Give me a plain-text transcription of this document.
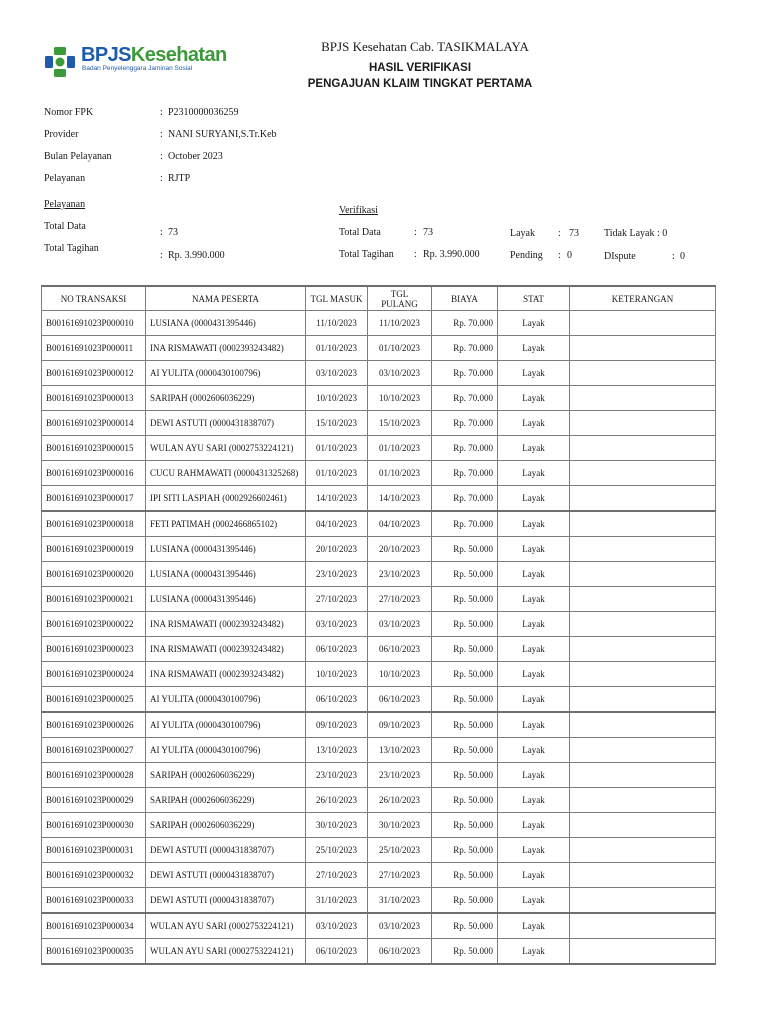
BPJSKesehatan
Badan Penyelenggara Jaminan Sosial
BPJS Kesehatan Cab. TASIKMALAYA
HASIL VERIFIKASI
PENGAJUAN KLAIM TINGKAT PERTAMA
Nomor FPK	: P2310000036259
Provider	: NANI SURYANI,S.Tr.Keb
Bulan Pelayanan	: October 2023
Pelayanan	: RJTP
Pelayanan
Total Data
: 73
Total Tagihan
: Rp. 3.990.000
Verifikasi
Total Data	: 73
Total Tagihan : Rp. 3.990.000
Layak : 73	Tidak Layak : 0
Pending : 0	DIspute	: 0
NO TRANSAKSI	NAMA PESERTA	TGL MASUK	TGL PULANG	BIAYA	STAT	KETERANGAN
B00161691023P000010	LUSIANA (0000431395446)	11/10/2023	11/10/2023	Rp. 70.000	Layak	
B00161691023P000011	INA RISMAWATI (0002393243482)	01/10/2023	01/10/2023	Rp. 70.000	Layak	
B00161691023P000012	AI YULITA (0000430100796)	03/10/2023	03/10/2023	Rp. 70.000	Layak	
B00161691023P000013	SARIPAH (0002606036229)	10/10/2023	10/10/2023	Rp. 70.000	Layak	
B00161691023P000014	DEWI ASTUTI (0000431838707)	15/10/2023	15/10/2023	Rp. 70.000	Layak	
B00161691023P000015	WULAN AYU SARI (0002753224121)	01/10/2023	01/10/2023	Rp. 70.000	Layak	
B00161691023P000016	CUCU RAHMAWATI (0000431325268)	01/10/2023	01/10/2023	Rp. 70.000	Layak	
B00161691023P000017	IPI SITI LASPIAH (0002926602461)	14/10/2023	14/10/2023	Rp. 70.000	Layak	
B00161691023P000018	FETI PATIMAH (0002466865102)	04/10/2023	04/10/2023	Rp. 70.000	Layak	
B00161691023P000019	LUSIANA (0000431395446)	20/10/2023	20/10/2023	Rp. 50.000	Layak	
B00161691023P000020	LUSIANA (0000431395446)	23/10/2023	23/10/2023	Rp. 50.000	Layak	
B00161691023P000021	LUSIANA (0000431395446)	27/10/2023	27/10/2023	Rp. 50.000	Layak	
B00161691023P000022	INA RISMAWATI (0002393243482)	03/10/2023	03/10/2023	Rp. 50.000	Layak	
B00161691023P000023	INA RISMAWATI (0002393243482)	06/10/2023	06/10/2023	Rp. 50.000	Layak	
B00161691023P000024	INA RISMAWATI (0002393243482)	10/10/2023	10/10/2023	Rp. 50.000	Layak	
B00161691023P000025	AI YULITA (0000430100796)	06/10/2023	06/10/2023	Rp. 50.000	Layak	
B00161691023P000026	AI YULITA (0000430100796)	09/10/2023	09/10/2023	Rp. 50.000	Layak	
B00161691023P000027	AI YULITA (0000430100796)	13/10/2023	13/10/2023	Rp. 50.000	Layak	
B00161691023P000028	SARIPAH (0002606036229)	23/10/2023	23/10/2023	Rp. 50.000	Layak	
B00161691023P000029	SARIPAH (0002606036229)	26/10/2023	26/10/2023	Rp. 50.000	Layak	
B00161691023P000030	SARIPAH (0002606036229)	30/10/2023	30/10/2023	Rp. 50.000	Layak	
B00161691023P000031	DEWI ASTUTI (0000431838707)	25/10/2023	25/10/2023	Rp. 50.000	Layak	
B00161691023P000032	DEWI ASTUTI (0000431838707)	27/10/2023	27/10/2023	Rp. 50.000	Layak	
B00161691023P000033	DEWI ASTUTI (0000431838707)	31/10/2023	31/10/2023	Rp. 50.000	Layak	
B00161691023P000034	WULAN AYU SARI (0002753224121)	03/10/2023	03/10/2023	Rp. 50.000	Layak	
B00161691023P000035	WULAN AYU SARI (0002753224121)	06/10/2023	06/10/2023	Rp. 50.000	Layak	
